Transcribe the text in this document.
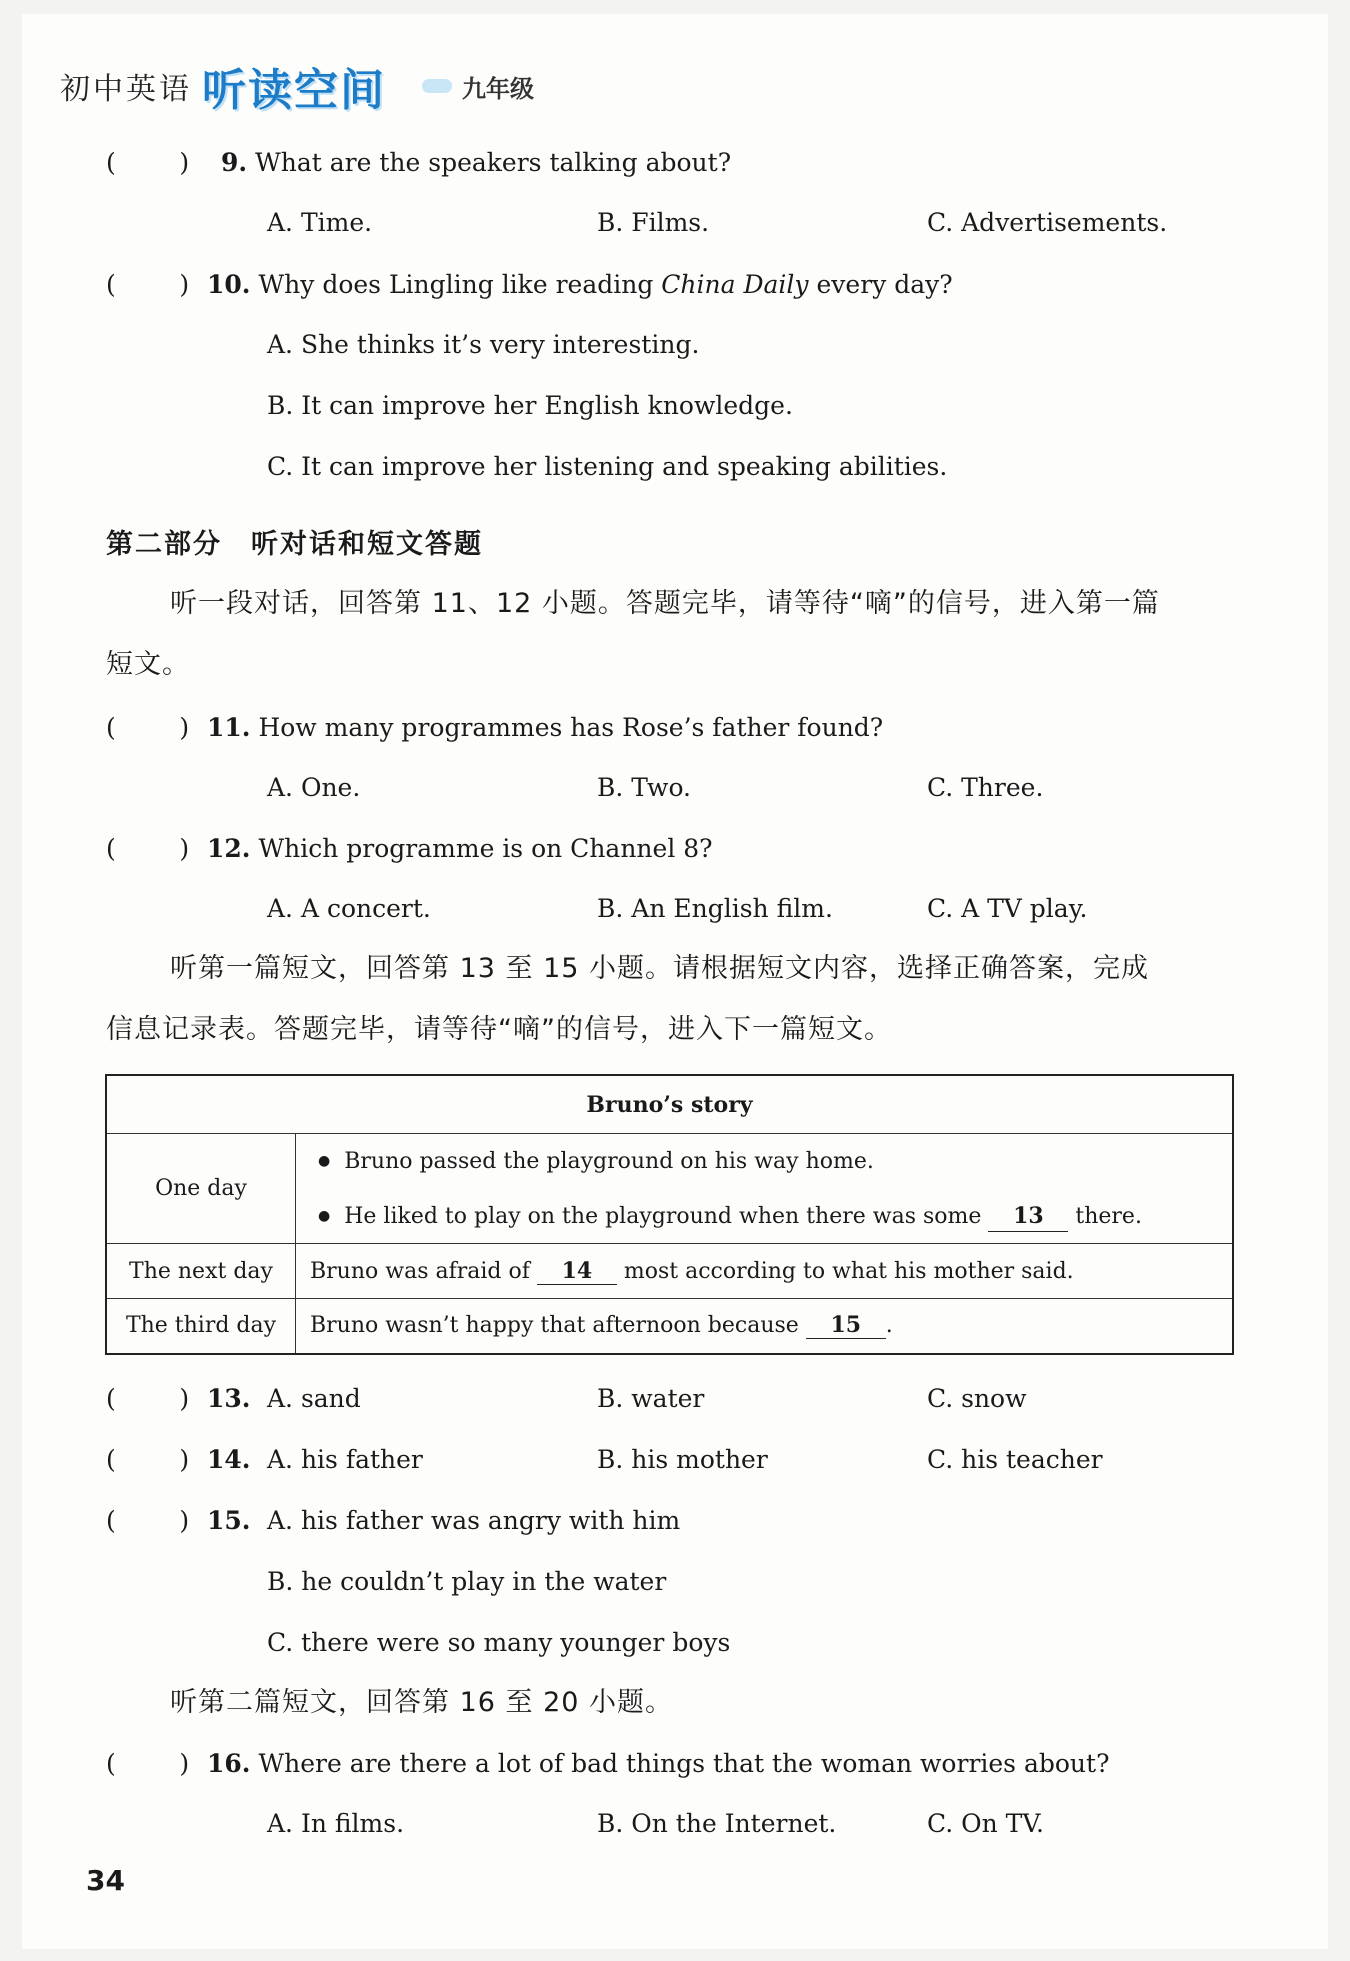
初中英语 听读空间	九年级
(        ) 9. What are the speakers talking about?
A. Time.	B. Films.	C. Advertisements.
(        ) 10. Why does Lingling like reading China Daily every day?
A. She thinks it’s very interesting.
B. It can improve her English knowledge.
C. It can improve her listening and speaking abilities.
第二部分　听对话和短文答题
听一段对话，回答第 11、12 小题。答题完毕，请等待“嘀”的信号，进入第一篇
短文。
(        ) 11. How many programmes has Rose’s father found?
A. One.	B. Two.	C. Three.
(        ) 12. Which programme is on Channel 8?
A. A concert.	B. An English film.	C. A TV play.
听第一篇短文，回答第 13 至 15 小题。请根据短文内容，选择正确答案，完成
信息记录表。答题完毕，请等待“嘀”的信号，进入下一篇短文。
Bruno’s story	
One day	● Bruno passed the playground on his way home.
● He liked to play on the playground when there was some 13 there.

The next day	Bruno was afraid of 14 most according to what his mother said.
The third day	Bruno wasn’t happy that afternoon because 15 .
(        ) 13. A. sand	B. water	C. snow
(        ) 14. A. his father	B. his mother	C. his teacher
(        ) 15. A. his father was angry with him
B. he couldn’t play in the water
C. there were so many younger boys
听第二篇短文，回答第 16 至 20 小题。
(        ) 16. Where are there a lot of bad things that the woman worries about?
A. In films.	B. On the Internet.	C. On TV.
34
